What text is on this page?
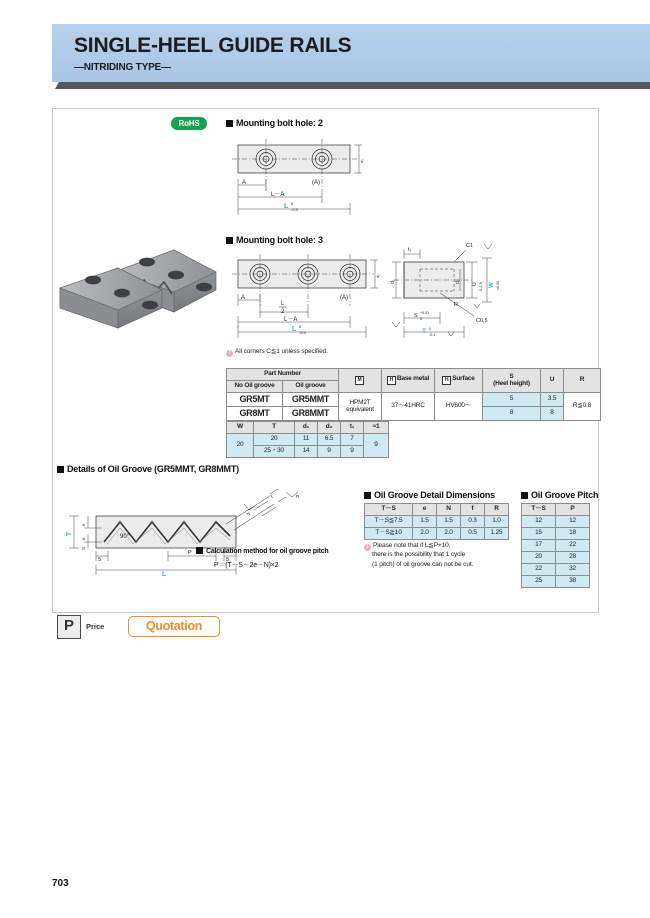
SINGLE-HEEL GUIDE RAILS
—NITRIDING TYPE—
RoHS	Mounting bolt hole: 2
Mounting bolt hole: 3
Details of Oil Groove (GR5MMT, GR8MMT)
Oil Groove Detail Dimensions	Oil Groove Pitch
A	(A)
L－A
L 0
-0.3
d₁
A	(A)
L
2
L－A
L 0
-0.3
d₁
t₁
C1
d₁	d₂
U 0
-0.2
W ±0.01
R
C0.5
S +0.01
0
T 0
-0.1
! All corners C≦1 unless specified.
Part Number		M	H Base metal	H Surface	S
(Heel height)	U	R
No Oil groove	Oil groove						
GR5MT	GR5MMT	HPM2T
equivalent	37〜41HRC	HV600〜	5	3.5	R≦0.8
GR8MT	GR8MMT				8	8	
W	T	d₁	d₂	t₁	≈1
20	20	11	6.5	7	9
	25・30	14	9	9	
T
e
e
S
90°
5	5
P
L
N
f	R
Calculation method for oil groove pitch
P＝(T－S－2e－N)×2
T－S	e	N	f	R
T－S≦7.5	1.5	1.5	0.3	1.0
T－S≧10	2.0	2.0	0.5	1.25
! Please note that if L≦P+10,
there is the possibility that 1 cycle
(1 pitch) of oil groove can not be cut.
T－S	P
12	12
15	18
17	22
20	28
22	32
25	38
P	Price	Quotation
703
